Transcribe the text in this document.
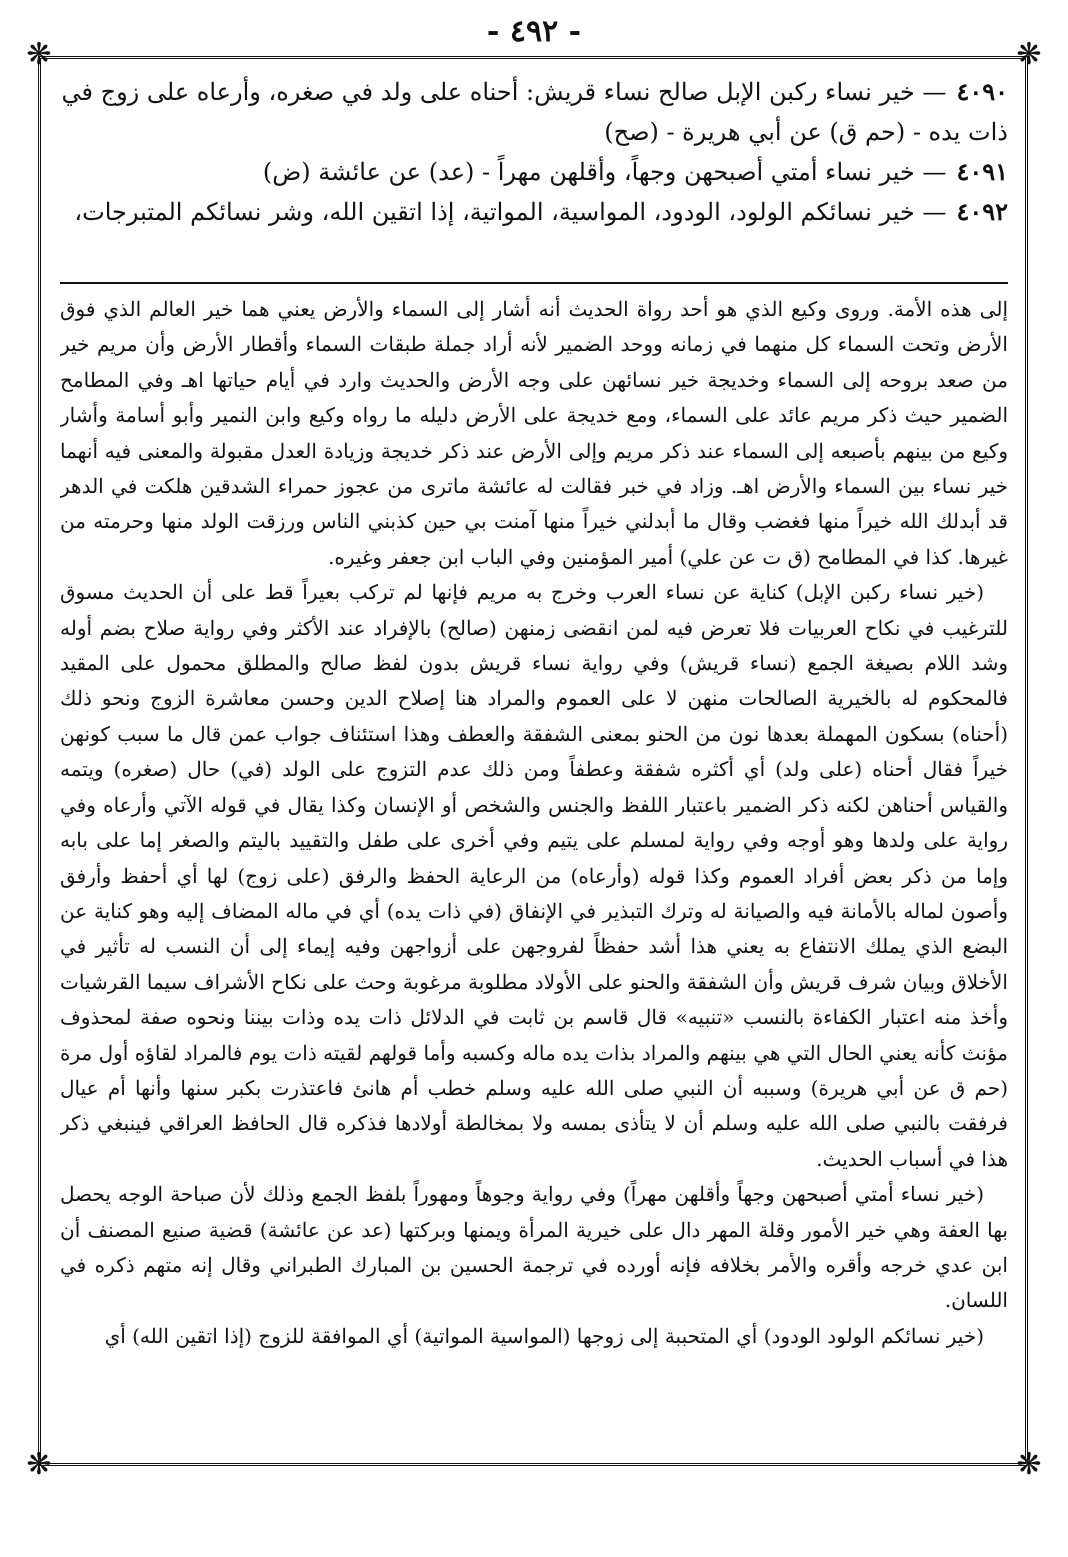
- ٤٩٢ -
❋	❋
❋	❋

٤٠٩٠— خير نساء ركبن الإبل صالح نساء قريش: أحناه على ولد في صغره، وأرعاه على زوج في

ذات يده - (حم ق) عن أبي هريرة - (صح)

٤٠٩١— خير نساء أمتي أصبحهن وجهاً، وأقلهن مهراً - (عد) عن عائشة (ض)

٤٠٩٢— خير نسائكم الولود، الودود، المواسية، المواتية، إذا اتقين الله، وشر نسائكم المتبرجات،

إلى هذه الأمة. وروى وكيع الذي هو أحد رواة الحديث أنه أشار إلى السماء والأرض يعني هما خير العالم الذي فوق الأرض وتحت السماء كل منهما في زمانه ووحد الضمير لأنه أراد جملة طبقات السماء وأقطار الأرض وأن مريم خير من صعد بروحه إلى السماء وخديجة خير نسائهن على وجه الأرض والحديث وارد في أيام حياتها اهـ وفي المطامح الضمير حيث ذكر مريم عائد على السماء، ومع خديجة على الأرض دليله ما رواه وكيع وابن النمير وأبو أسامة وأشار وكيع من بينهم بأصبعه إلى السماء عند ذكر مريم وإلى الأرض عند ذكر خديجة وزيادة العدل مقبولة والمعنى فيه أنهما خير نساء بين السماء والأرض اهـ. وزاد في خبر فقالت له عائشة ماترى من عجوز حمراء الشدقين هلكت في الدهر قد أبدلك الله خيراً منها فغضب وقال ما أبدلني خيراً منها آمنت بي حين كذبني الناس ورزقت الولد منها وحرمته من غيرها. كذا في المطامح (ق ت عن علي) أمير المؤمنين وفي الباب ابن جعفر وغيره.

(خير نساء ركبن الإبل) كناية عن نساء العرب وخرج به مريم فإنها لم تركب بعيراً قط على أن الحديث مسوق للترغيب في نكاح العربيات فلا تعرض فيه لمن انقضى زمنهن (صالح) بالإفراد عند الأكثر وفي رواية صلاح بضم أوله وشد اللام بصيغة الجمع (نساء قريش) وفي رواية نساء قريش بدون لفظ صالح والمطلق محمول على المقيد فالمحكوم له بالخيرية الصالحات منهن لا على العموم والمراد هنا إصلاح الدين وحسن معاشرة الزوج ونحو ذلك (أحناه) بسكون المهملة بعدها نون من الحنو بمعنى الشفقة والعطف وهذا استئناف جواب عمن قال ما سبب كونهن خيراً فقال أحناه (على ولد) أي أكثره شفقة وعطفاً ومن ذلك عدم التزوج على الولد (في) حال (صغره) ويتمه والقياس أحناهن لكنه ذكر الضمير باعتبار اللفظ والجنس والشخص أو الإنسان وكذا يقال في قوله الآتي وأرعاه وفي رواية على ولدها وهو أوجه وفي رواية لمسلم على يتيم وفي أخرى على طفل والتقييد باليتم والصغر إما على بابه وإما من ذكر بعض أفراد العموم وكذا قوله (وأرعاه) من الرعاية الحفظ والرفق (على زوج) لها أي أحفظ وأرفق وأصون لماله بالأمانة فيه والصيانة له وترك التبذير في الإنفاق (في ذات يده) أي في ماله المضاف إليه وهو كناية عن البضع الذي يملك الانتفاع به يعني هذا أشد حفظاً لفروجهن على أزواجهن وفيه إيماء إلى أن النسب له تأثير في الأخلاق وبيان شرف قريش وأن الشفقة والحنو على الأولاد مطلوبة مرغوبة وحث على نكاح الأشراف سيما القرشيات وأخذ منه اعتبار الكفاءة بالنسب «تنبيه» قال قاسم بن ثابت في الدلائل ذات يده وذات بيننا ونحوه صفة لمحذوف مؤنث كأنه يعني الحال التي هي بينهم والمراد بذات يده ماله وكسبه وأما قولهم لقيته ذات يوم فالمراد لقاؤه أول مرة (حم ق عن أبي هريرة) وسببه أن النبي صلى الله عليه وسلم خطب أم هانئ فاعتذرت بكبر سنها وأنها أم عيال فرفقت بالنبي صلى الله عليه وسلم أن لا يتأذى بمسه ولا بمخالطة أولادها فذكره قال الحافظ العراقي فينبغي ذكر هذا في أسباب الحديث.

(خير نساء أمتي أصبحهن وجهاً وأقلهن مهراً) وفي رواية وجوهاً ومهوراً بلفظ الجمع وذلك لأن صباحة الوجه يحصل بها العفة وهي خير الأمور وقلة المهر دال على خيرية المرأة ويمنها وبركتها (عد عن عائشة) قضية صنيع المصنف أن ابن عدي خرجه وأقره والأمر بخلافه فإنه أورده في ترجمة الحسين بن المبارك الطبراني وقال إنه متهم ذكره في اللسان.

(خير نسائكم الولود الودود) أي المتحببة إلى زوجها (المواسية المواتية) أي الموافقة للزوج (إذا اتقين الله) أي
